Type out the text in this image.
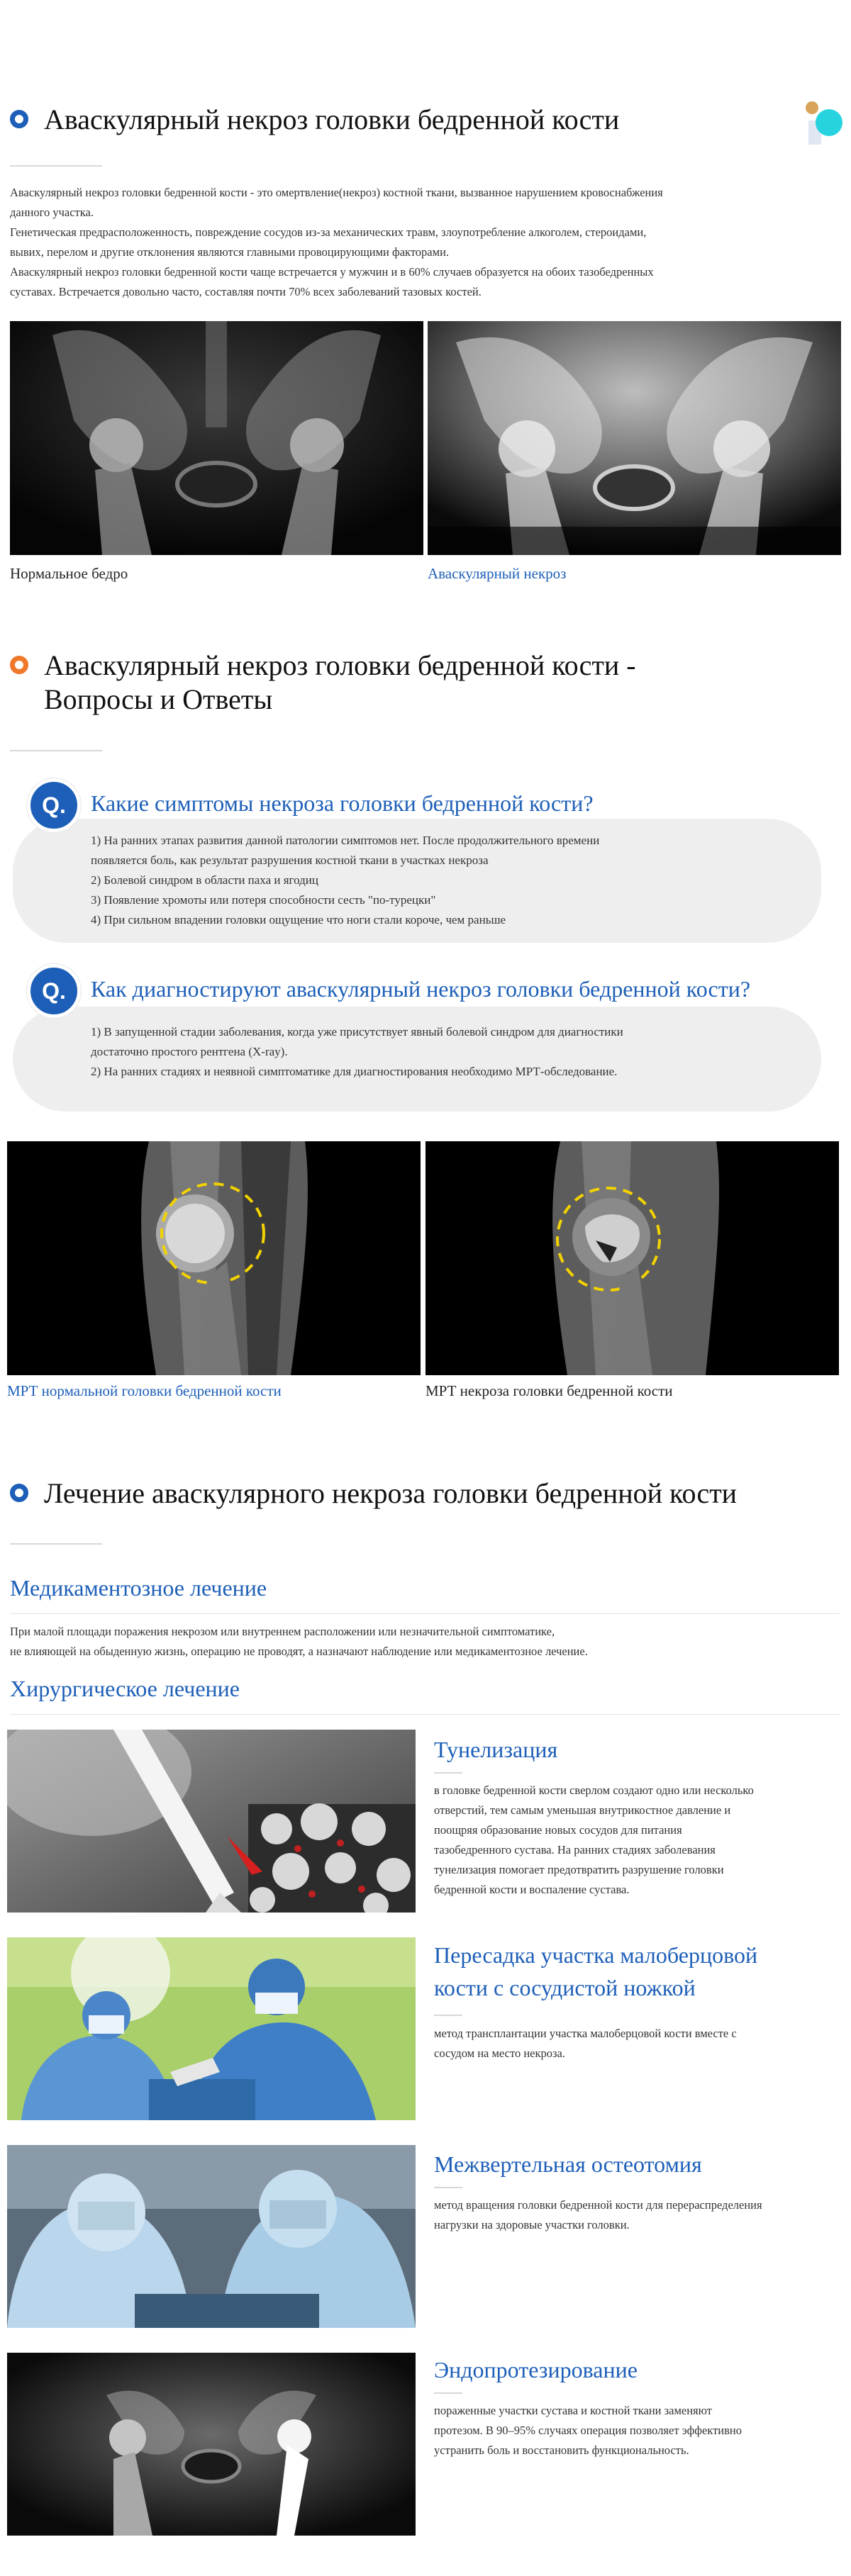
Аваскулярный некроз головки бедренной кости
Аваскулярный некроз головки бедренной кости - это омертвление(некроз) костной ткани, вызванное нарушением кровоснабжения
данного участка.
Генетическая предрасположенность, повреждение сосудов из-за механических травм, злоупотребление алкоголем, стероидами,
вывих, перелом и другие отклонения являются главными провоцирующими факторами.
Аваскулярный некроз головки бедренной кости чаще встречается у мужчин и в 60% случаев образуется на обоих тазобедренных
суставах. Встречается довольно часто, составляя почти 70% всех заболеваний тазовых костей.
Нормальное бедро	Аваскулярный некроз
Аваскулярный некроз головки бедренной кости -
Вопросы и Ответы
Q.	Какие симптомы некроза головки бедренной кости?
1) На ранних этапах развития данной патологии симптомов нет. После продолжительного времени
появляется боль, как результат разрушения костной ткани в участках некроза
2) Болевой синдром в области паха и ягодиц
3) Появление хромоты или потеря способности сесть "по-турецки"
4) При сильном впадении головки ощущение что ноги стали короче, чем раньше
Q.	Как диагностируют аваскулярный некроз головки бедренной кости?
1) В запущенной стадии заболевания, когда уже присутствует явный болевой синдром для диагностики
достаточно простого рентгена (X-ray).
2) На ранних стадиях и неявной симптоматике для диагностирования необходимо МРТ-обследование.
МРТ нормальной головки бедренной кости	МРТ некроза головки бедренной кости
Лечение аваскулярного некроза головки бедренной кости
Медикаментозное лечение
При малой площади поражения некрозом или внутреннем расположении или незначительной симптоматике,
не влияющей на обыденную жизнь, операцию не проводят, а назначают наблюдение или медикаментозное лечение.
Хирургическое лечение
Тунелизация
в головке бедренной кости сверлом создают одно или несколько
отверстий, тем самым уменьшая внутрикостное давление и
поощряя образование новых сосудов для питания
тазобедренного сустава. На ранних стадиях заболевания
тунелизация помогает предотвратить разрушение головки
бедренной кости и воспаление сустава.
Пересадка участка малоберцовой
кости с сосудистой ножкой
метод трансплантации участка малоберцовой кости вместе с
сосудом на место некроза.
Межвертельная остеотомия
метод вращения головки бедренной кости для перераспределения
нагрузки на здоровые участки головки.
Эндопротезирование
пораженные участки сустава и костной ткани заменяют
протезом. В 90–95% случаях операция позволяет эффективно
устранить боль и восстановить функциональность.
